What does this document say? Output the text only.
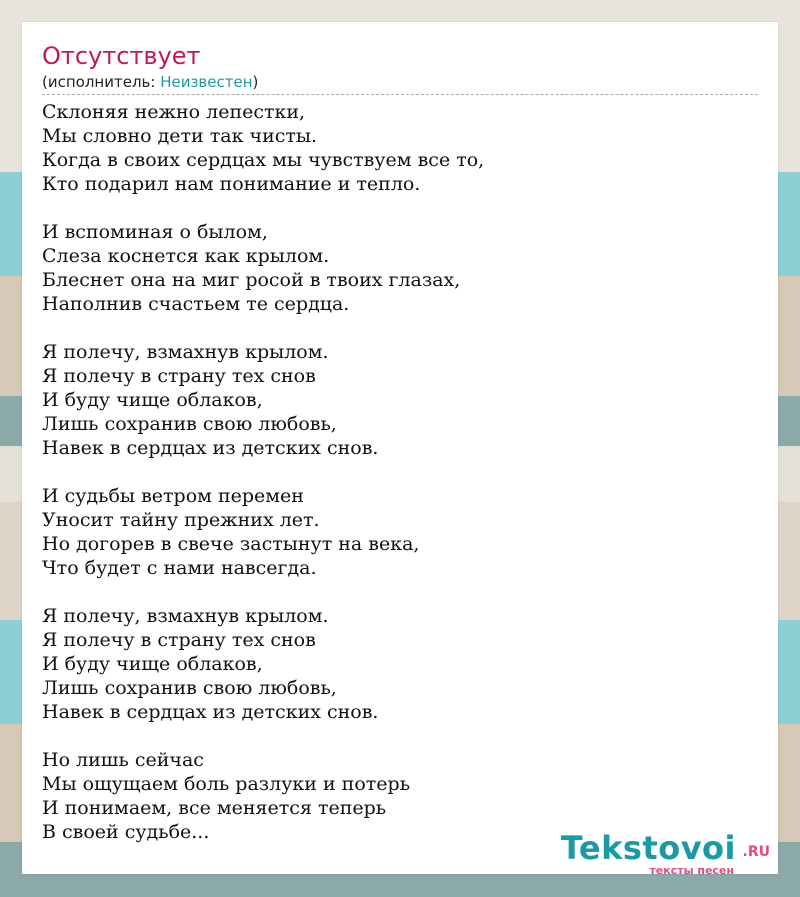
Отсутствует
(исполнитель: Неизвестен)
Склоняя нежно лепестки,
Мы словно дети так чисты.
Когда в своих сердцах мы чувствуем все то,
Кто подарил нам понимание и тепло.
И вспоминая о былом,
Слеза коснется как крылом.
Блеснет она на миг росой в твоих глазах,
Наполнив счастьем те сердца.
Я полечу, взмахнув крылом.
Я полечу в страну тех снов
И буду чище облаков,
Лишь сохранив свою любовь,
Навек в сердцах из детских снов.
И судьбы ветром перемен
Уносит тайну прежних лет.
Но догорев в свече застынут на века,
Что будет с нами навсегда.
Я полечу, взмахнув крылом.
Я полечу в страну тех снов
И буду чище облаков,
Лишь сохранив свою любовь,
Навек в сердцах из детских снов.
Но лишь сейчас
Мы ощущаем боль разлуки и потерь
И понимаем, все меняется теперь
В своей судьбе...	Tekstovoi .RU
тексты песен
